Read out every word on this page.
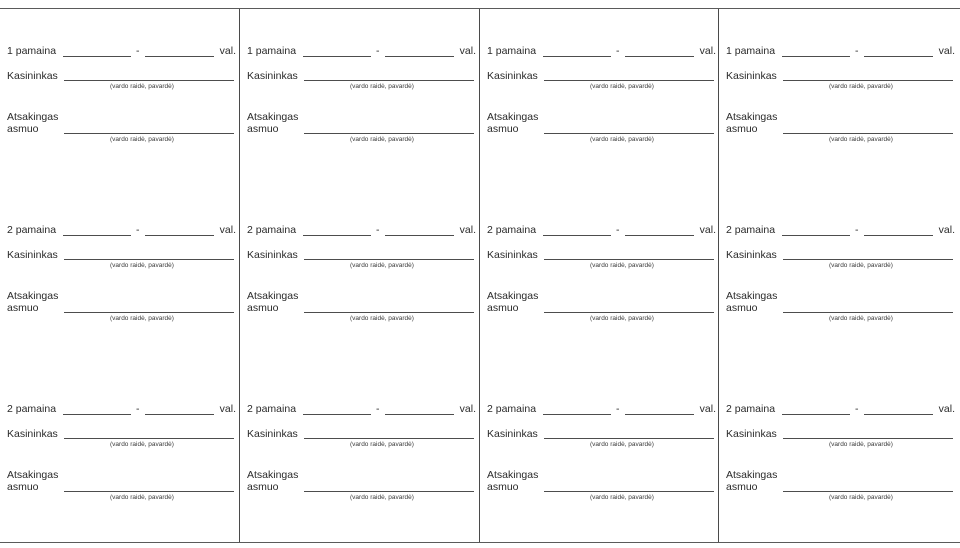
1 pamaina	-	val.
Kasininkas
(vardo raidė, pavardė)
Atsakingas
asmuo
(vardo raidė, pavardė)
2 pamaina	-	val.
Kasininkas
(vardo raidė, pavardė)
Atsakingas
asmuo
(vardo raidė, pavardė)
2 pamaina	-	val.
Kasininkas
(vardo raidė, pavardė)
Atsakingas
asmuo
(vardo raidė, pavardė)
1 pamaina	-	val.
Kasininkas
(vardo raidė, pavardė)
Atsakingas
asmuo
(vardo raidė, pavardė)
2 pamaina	-	val.
Kasininkas
(vardo raidė, pavardė)
Atsakingas
asmuo
(vardo raidė, pavardė)
2 pamaina	-	val.
Kasininkas
(vardo raidė, pavardė)
Atsakingas
asmuo
(vardo raidė, pavardė)
1 pamaina	-	val.
Kasininkas
(vardo raidė, pavardė)
Atsakingas
asmuo
(vardo raidė, pavardė)
2 pamaina	-	val.
Kasininkas
(vardo raidė, pavardė)
Atsakingas
asmuo
(vardo raidė, pavardė)
2 pamaina	-	val.
Kasininkas
(vardo raidė, pavardė)
Atsakingas
asmuo
(vardo raidė, pavardė)
1 pamaina	-	val.
Kasininkas
(vardo raidė, pavardė)
Atsakingas
asmuo
(vardo raidė, pavardė)
2 pamaina	-	val.
Kasininkas
(vardo raidė, pavardė)
Atsakingas
asmuo
(vardo raidė, pavardė)
2 pamaina	-	val.
Kasininkas
(vardo raidė, pavardė)
Atsakingas
asmuo
(vardo raidė, pavardė)
